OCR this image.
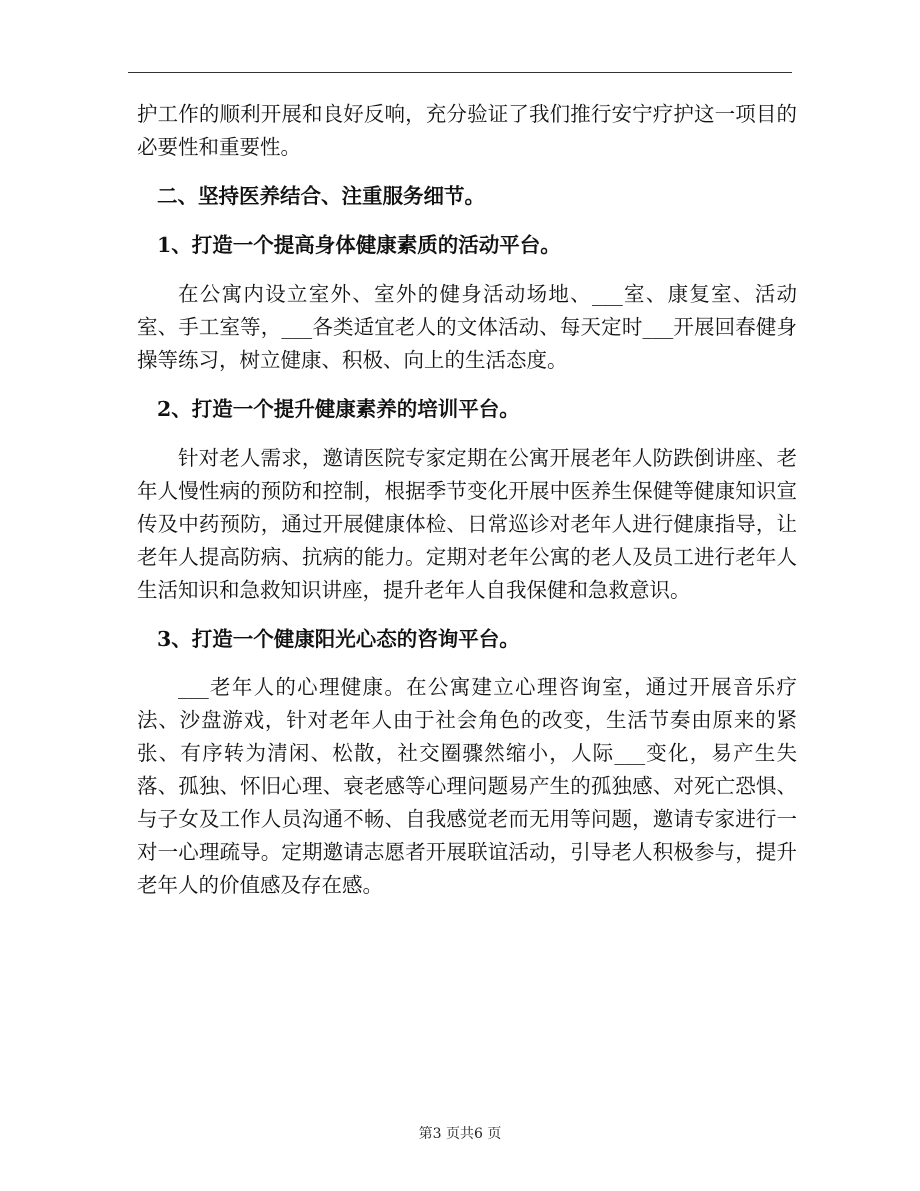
护工作的顺利开展和良好反响，充分验证了我们推行安宁疗护这一项目的必要性和重要性。

二、坚持医养结合、注重服务细节。

1、打造一个提高身体健康素质的活动平台。

在公寓内设立室外、室外的健身活动场地、___室、康复室、活动室、手工室等，___各类适宜老人的文体活动、每天定时___开展回春健身操等练习，树立健康、积极、向上的生活态度。

2、打造一个提升健康素养的培训平台。

针对老人需求，邀请医院专家定期在公寓开展老年人防跌倒讲座、老年人慢性病的预防和控制，根据季节变化开展中医养生保健等健康知识宣传及中药预防，通过开展健康体检、日常巡诊对老年人进行健康指导，让老年人提高防病、抗病的能力。定期对老年公寓的老人及员工进行老年人生活知识和急救知识讲座，提升老年人自我保健和急救意识。

3、打造一个健康阳光心态的咨询平台。

___老年人的心理健康。在公寓建立心理咨询室，通过开展音乐疗法、沙盘游戏，针对老年人由于社会角色的改变，生活节奏由原来的紧张、有序转为清闲、松散，社交圈骤然缩小，人际___变化，易产生失落、孤独、怀旧心理、衰老感等心理问题易产生的孤独感、对死亡恐惧、与子女及工作人员沟通不畅、自我感觉老而无用等问题，邀请专家进行一对一心理疏导。定期邀请志愿者开展联谊活动，引导老人积极参与，提升老年人的价值感及存在感。

第3 页共6 页
